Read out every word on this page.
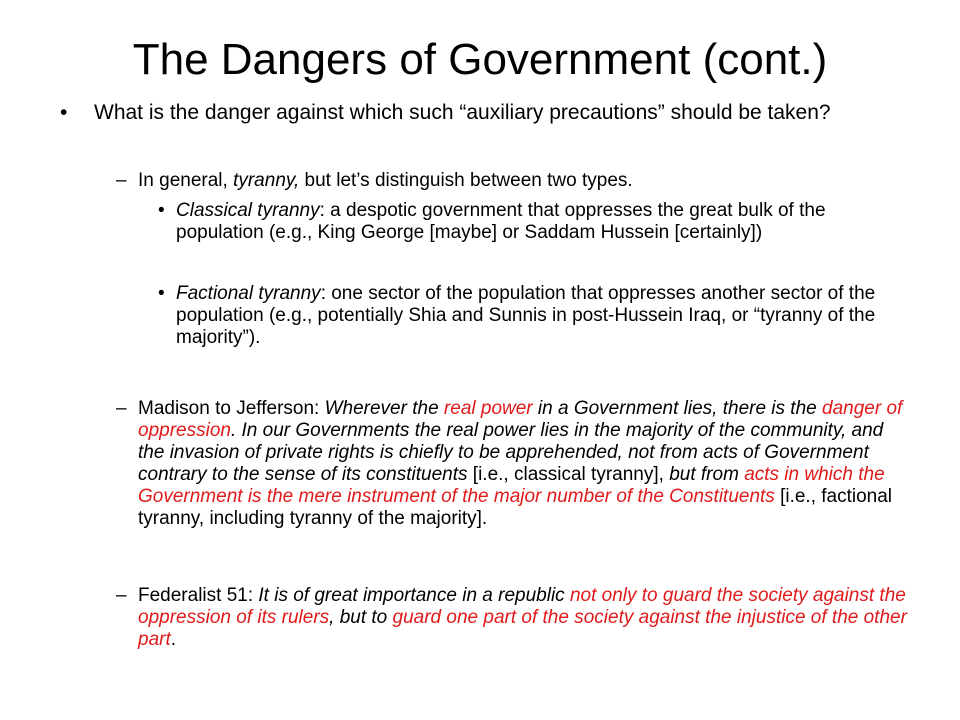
The Dangers of Government (cont.)
• What is the danger against which such “auxiliary precautions” should be taken?
– In general, tyranny, but let’s distinguish between two types.
• Classical tyranny: a despotic government that oppresses the great bulk of the population (e.g., King George [maybe] or Saddam Hussein [certainly])
• Factional tyranny: one sector of the population that oppresses another sector of the population (e.g., potentially Shia and Sunnis in post-Hussein Iraq, or “tyranny of the majority”).
– Madison to Jefferson: Wherever the real power in a Government lies, there is the danger of oppression. In our Governments the real power lies in the majority of the community, and the invasion of private rights is chiefly to be apprehended, not from acts of Government contrary to the sense of its constituents [i.e., classical tyranny], but from acts in which the Government is the mere instrument of the major number of the Constituents [i.e., factional tyranny, including tyranny of the majority].
– Federalist 51: It is of great importance in a republic not only to guard the society against the oppression of its rulers, but to guard one part of the society against the injustice of the other part.
